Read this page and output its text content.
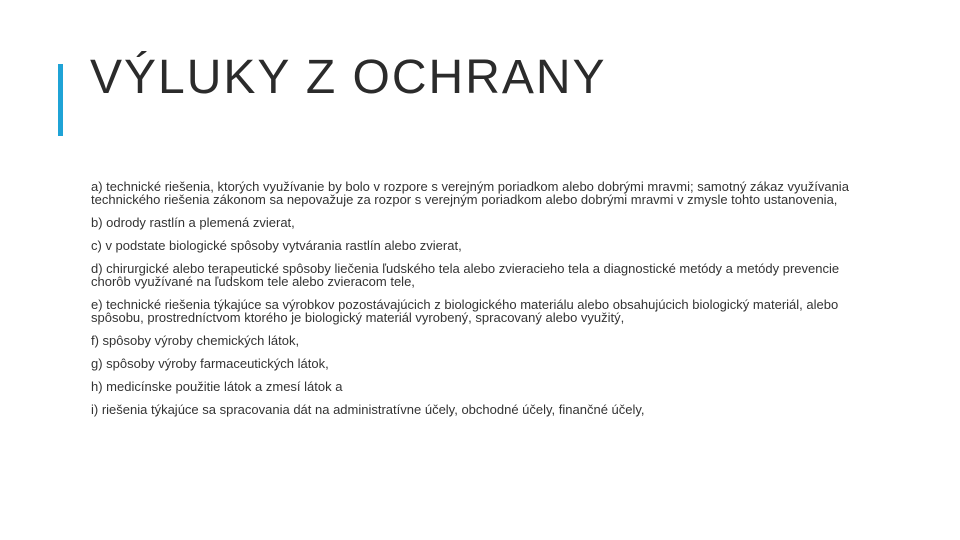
VÝLUKY Z OCHRANY

a) technické riešenia, ktorých využívanie by bolo v rozpore s verejným poriadkom alebo dobrými mravmi; samotný zákaz využívania technického riešenia zákonom sa nepovažuje za rozpor s verejným poriadkom alebo dobrými mravmi v zmysle tohto ustanovenia,

b) odrody rastlín a plemená zvierat,

c) v podstate biologické spôsoby vytvárania rastlín alebo zvierat,

d) chirurgické alebo terapeutické spôsoby liečenia ľudského tela alebo zvieracieho tela a diagnostické metódy a metódy prevencie chorôb využívané na ľudskom tele alebo zvieracom tele,

e) technické riešenia týkajúce sa výrobkov pozostávajúcich z biologického materiálu alebo obsahujúcich biologický materiál, alebo spôsobu, prostredníctvom ktorého je biologický materiál vyrobený, spracovaný alebo využitý,

f) spôsoby výroby chemických látok,

g) spôsoby výroby farmaceutických látok,

h) medicínske použitie látok a zmesí látok a

i) riešenia týkajúce sa spracovania dát na administratívne účely, obchodné účely, finančné účely,
